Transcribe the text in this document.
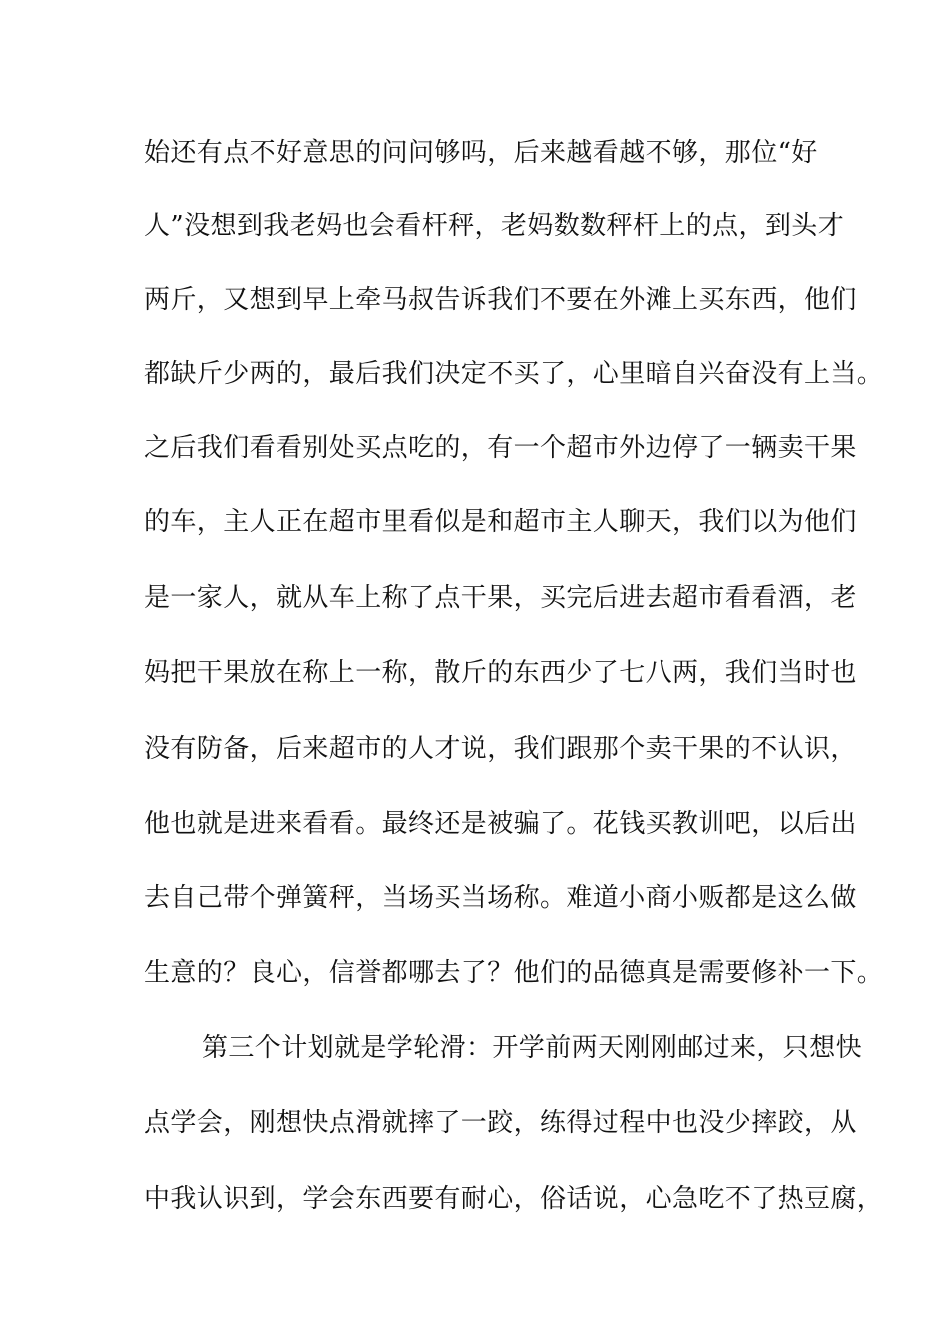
始还有点不好意思的问问够吗，后来越看越不够，那位“好

人”没想到我老妈也会看杆秤，老妈数数秤杆上的点，到头才

两斤，又想到早上牵马叔告诉我们不要在外滩上买东西，他们

都缺斤少两的，最后我们决定不买了，心里暗自兴奋没有上当。

之后我们看看别处买点吃的，有一个超市外边停了一辆卖干果

的车，主人正在超市里看似是和超市主人聊天，我们以为他们

是一家人，就从车上称了点干果，买完后进去超市看看酒，老

妈把干果放在称上一称，散斤的东西少了七八两，我们当时也

没有防备，后来超市的人才说，我们跟那个卖干果的不认识，

他也就是进来看看。最终还是被骗了。花钱买教训吧，以后出

去自己带个弹簧秤，当场买当场称。难道小商小贩都是这么做

生意的？良心，信誉都哪去了？他们的品德真是需要修补一下。

第三个计划就是学轮滑：开学前两天刚刚邮过来，只想快

点学会，刚想快点滑就摔了一跤，练得过程中也没少摔跤，从

中我认识到，学会东西要有耐心，俗话说，心急吃不了热豆腐，
